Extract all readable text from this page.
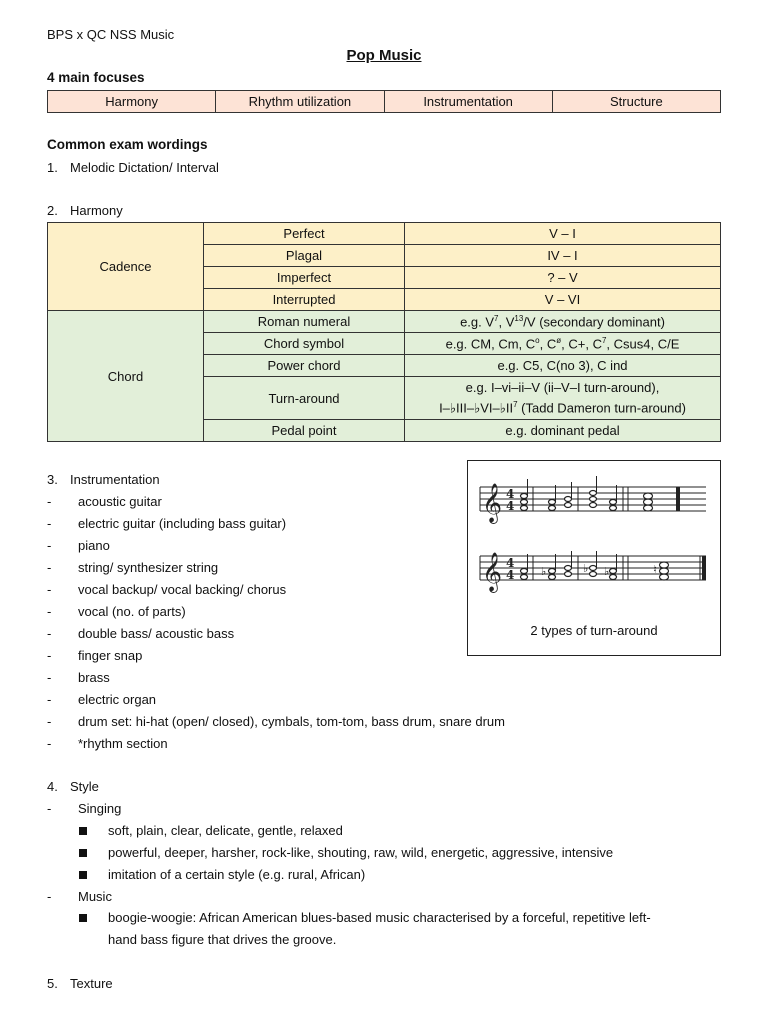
BPS x QC NSS Music
Pop Music
4 main focuses
Harmony	Rhythm utilization	Instrumentation	Structure
Common exam wordings
1. Melodic Dictation/ Interval
2. Harmony
Cadence	Perfect	V – I
	Plagal	IV – I
	Imperfect	? – V
	Interrupted	V – VI
Chord	Roman numeral	e.g. $V^7$, $V^{13}/V$ (secondary dominant)
	Chord symbol	e.g. CM, Cm, $C^o$, $C^ø$, C+, $C^7$, Csus4, C/E
	Power chord	e.g. C5, C(no 3), C ind
	Turn-around	e.g. I–vi–ii–V (ii–V–I turn-around),
		$I-♭III-♭VI-♭II^7$ (Tadd Dameron turn-around)
	Pedal point	e.g. dominant pedal
3. Instrumentation
- acoustic guitar
- electric guitar (including bass guitar)
- piano
- string/ synthesizer string
- vocal backup/ vocal backing/ chorus
- vocal (no. of parts)
- double bass/ acoustic bass
- finger snap
- brass
- electric organ
- drum set: hi-hat (open/ closed), cymbals, tom-tom, bass drum, snare drum
- *rhythm section
𝄞
𝄞
4
4
4
4 ♭	♭ ♭	♮
2 types of turn-around
4. Style
- Singing
soft, plain, clear, delicate, gentle, relaxed
powerful, deeper, harsher, rock-like, shouting, raw, wild, energetic, aggressive, intensive
imitation of a certain style (e.g. rural, African)
- Music
boogie-woogie: African American blues-based music characterised by a forceful, repetitive left-
hand bass figure that drives the groove.
5. Texture
